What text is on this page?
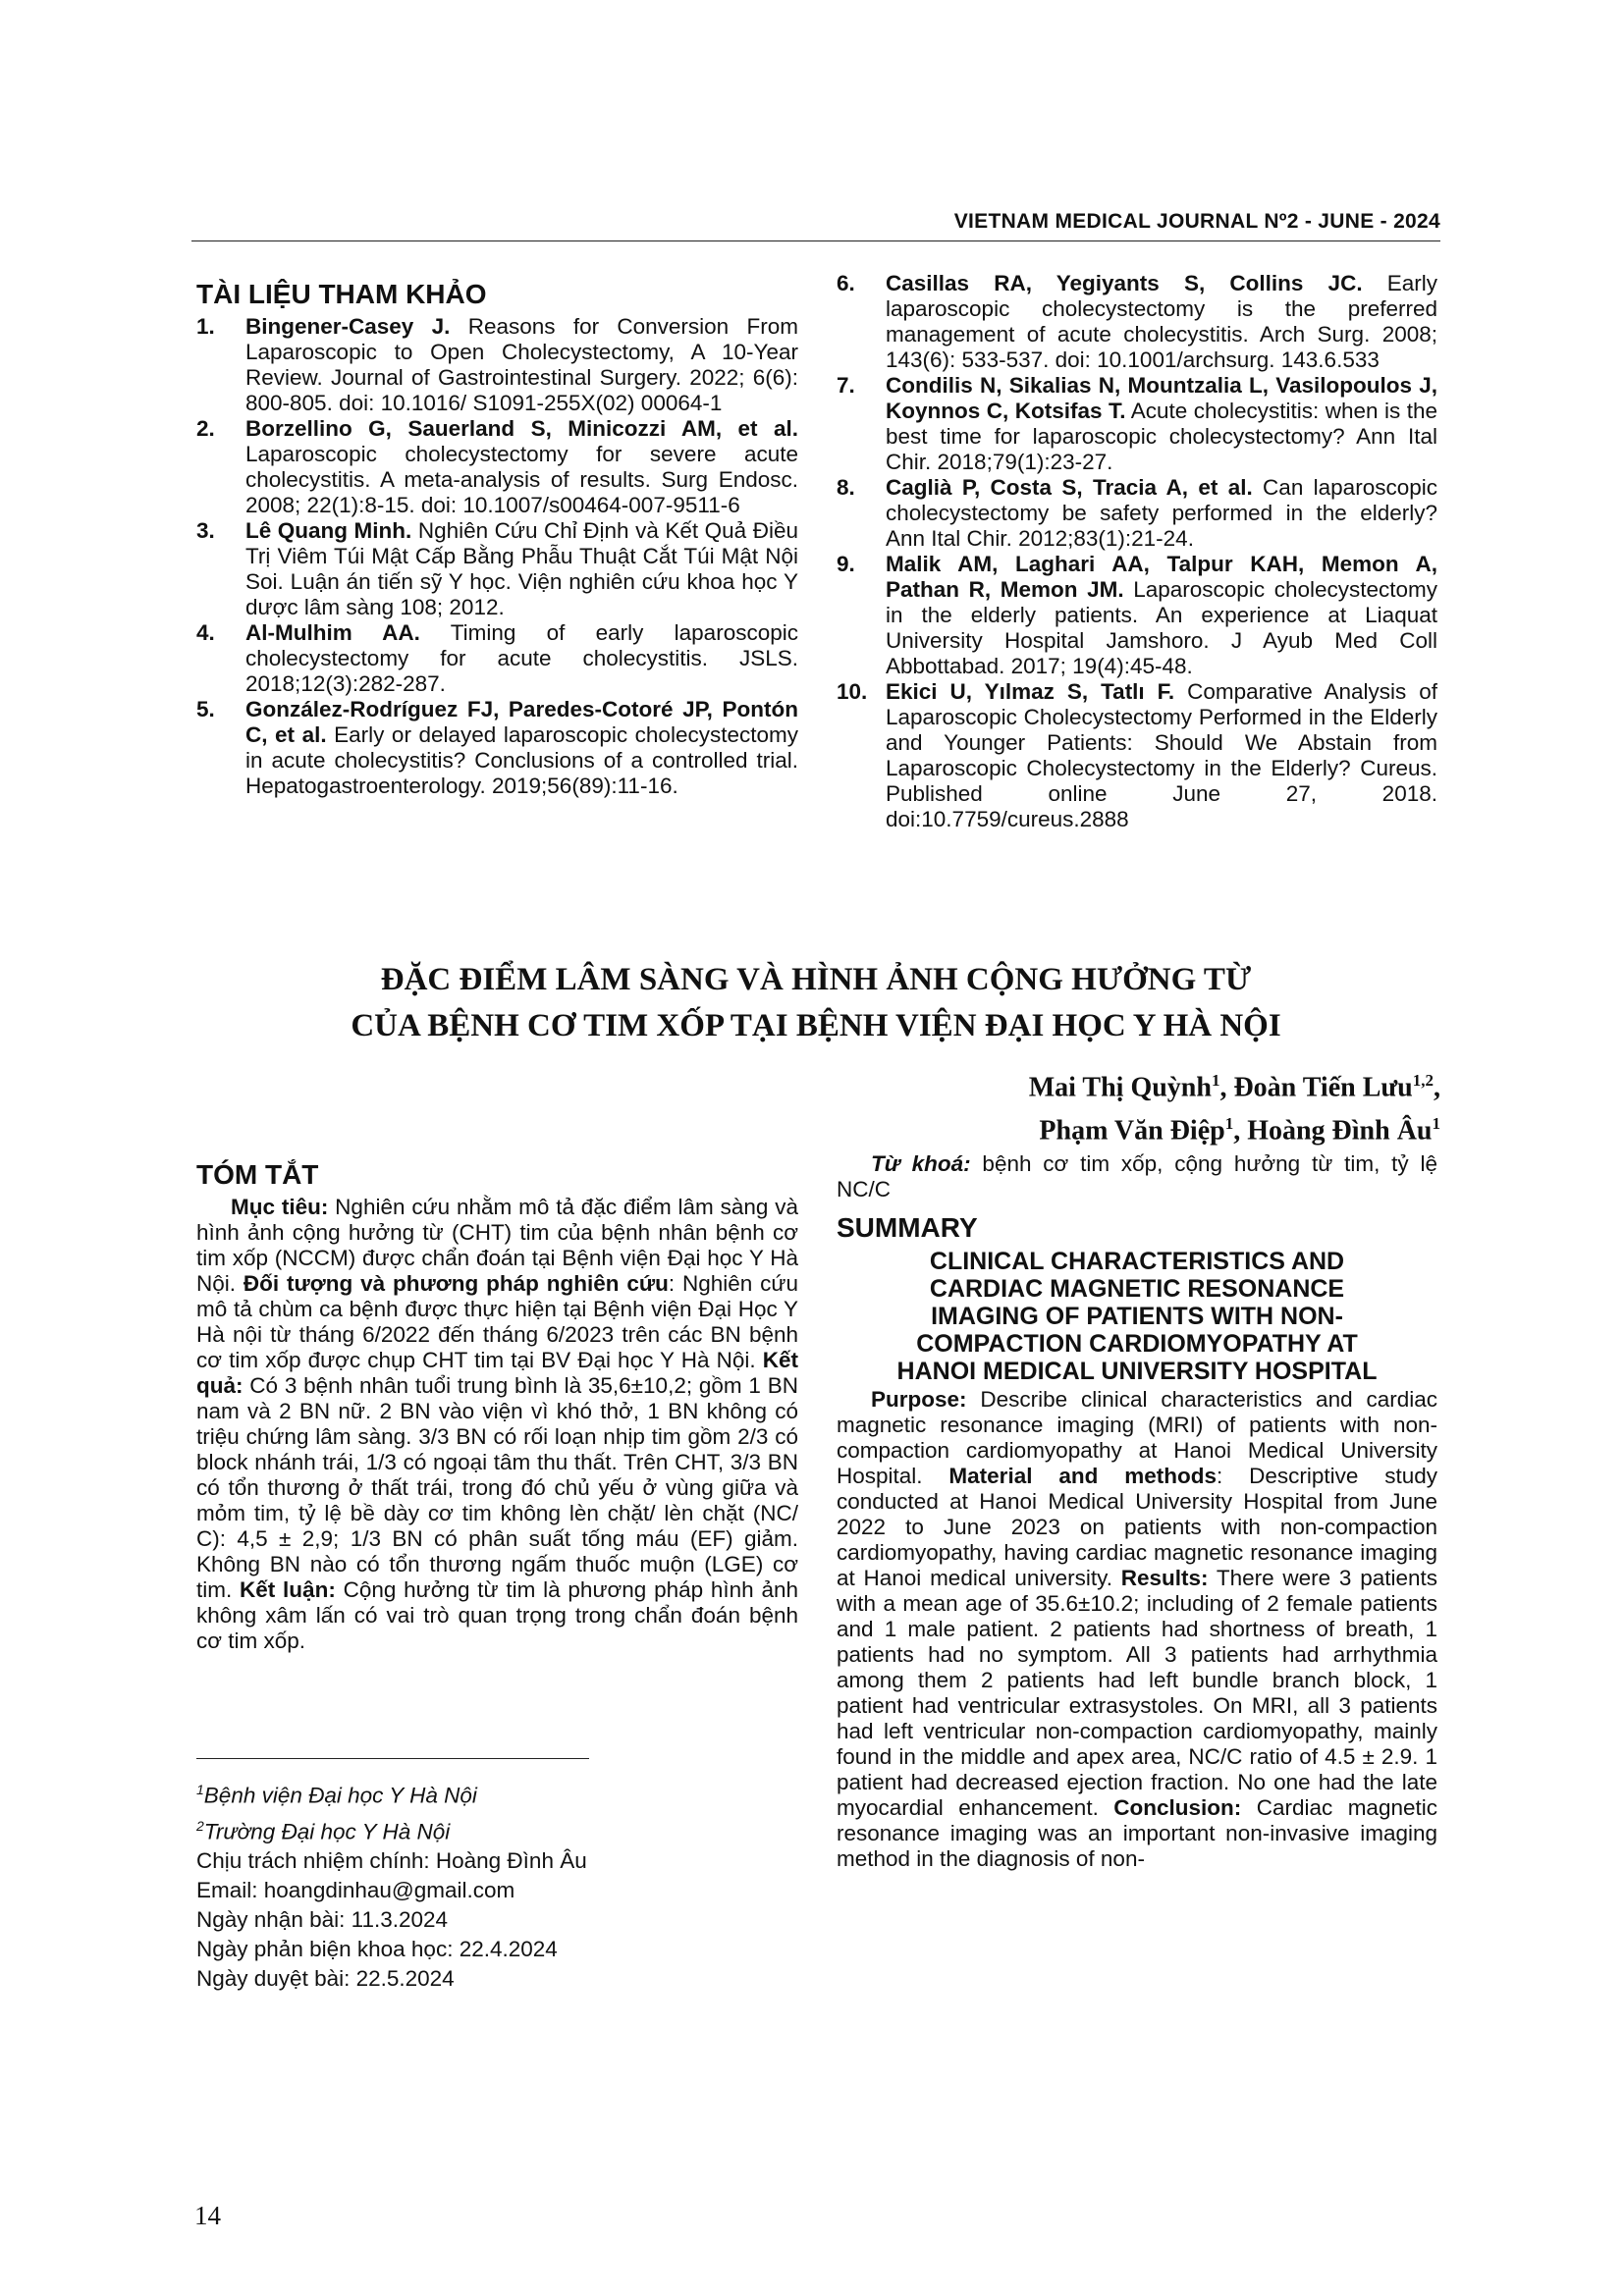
VIETNAM MEDICAL JOURNAL Nº2 - JUNE - 2024
TÀI LIỆU THAM KHẢO
1. Bingener-Casey J. Reasons for Conversion From Laparoscopic to Open Cholecystectomy, A 10-Year Review. Journal of Gastrointestinal Surgery. 2022; 6(6): 800-805. doi: 10.1016/ S1091-255X(02) 00064-1
2. Borzellino G, Sauerland S, Minicozzi AM, et al. Laparoscopic cholecystectomy for severe acute cholecystitis. A meta-analysis of results. Surg Endosc. 2008; 22(1):8-15. doi: 10.1007/s00464-007-9511-6
3. Lê Quang Minh. Nghiên Cứu Chỉ Định và Kết Quả Điều Trị Viêm Túi Mật Cấp Bằng Phẫu Thuật Cắt Túi Mật Nội Soi. Luận án tiến sỹ Y học. Viện nghiên cứu khoa học Y dược lâm sàng 108; 2012.
4. Al-Mulhim AA. Timing of early laparoscopic cholecystectomy for acute cholecystitis. JSLS. 2018;12(3):282-287.
5. González-Rodríguez FJ, Paredes-Cotoré JP, Pontón C, et al. Early or delayed laparoscopic cholecystectomy in acute cholecystitis? Conclusions of a controlled trial. Hepatogastroenterology. 2019;56(89):11-16.
6. Casillas RA, Yegiyants S, Collins JC. Early laparoscopic cholecystectomy is the preferred management of acute cholecystitis. Arch Surg. 2008; 143(6): 533-537. doi: 10.1001/archsurg. 143.6.533
7. Condilis N, Sikalias N, Mountzalia L, Vasilopoulos J, Koynnos C, Kotsifas T. Acute cholecystitis: when is the best time for laparoscopic cholecystectomy? Ann Ital Chir. 2018;79(1):23-27.
8. Caglià P, Costa S, Tracia A, et al. Can laparoscopic cholecystectomy be safety performed in the elderly? Ann Ital Chir. 2012;83(1):21-24.
9. Malik AM, Laghari AA, Talpur KAH, Memon A, Pathan R, Memon JM. Laparoscopic cholecystectomy in the elderly patients. An experience at Liaquat University Hospital Jamshoro. J Ayub Med Coll Abbottabad. 2017; 19(4):45-48.
10. Ekici U, Yılmaz S, Tatlı F. Comparative Analysis of Laparoscopic Cholecystectomy Performed in the Elderly and Younger Patients: Should We Abstain from Laparoscopic Cholecystectomy in the Elderly? Cureus. Published online June 27, 2018. doi:10.7759/cureus.2888
ĐẶC ĐIỂM LÂM SÀNG VÀ HÌNH ẢNH CỘNG HƯỞNG TỪ
CỦA BỆNH CƠ TIM XỐP TẠI BỆNH VIỆN ĐẠI HỌC Y HÀ NỘI
Mai Thị Quỳnh$^1$, Đoàn Tiến Lưu$^{1,2}$,
Phạm Văn Điệp$^1$, Hoàng Đình $Âu^1$
TÓM TẮT
Mục tiêu: Nghiên cứu nhằm mô tả đặc điểm lâm sàng và hình ảnh cộng hưởng từ (CHT) tim của bệnh nhân bệnh cơ tim xốp (NCCM) được chẩn đoán tại Bệnh viện Đại học Y Hà Nội. Đối tượng và phương pháp nghiên cứu: Nghiên cứu mô tả chùm ca bệnh được thực hiện tại Bệnh viện Đại Học Y Hà nội từ tháng 6/2022 đến tháng 6/2023 trên các BN bệnh cơ tim xốp được chụp CHT tim tại BV Đại học Y Hà Nội. Kết quả: Có 3 bệnh nhân tuổi trung bình là 35,6±10,2; gồm 1 BN nam và 2 BN nữ. 2 BN vào viện vì khó thở, 1 BN không có triệu chứng lâm sàng. 3/3 BN có rối loạn nhịp tim gồm 2/3 có block nhánh trái, 1/3 có ngoại tâm thu thất. Trên CHT, 3/3 BN có tổn thương ở thất trái, trong đó chủ yếu ở vùng giữa và mỏm tim, tỷ lệ bề dày cơ tim không lèn chặt/ lèn chặt (NC/ C): 4,5 ± 2,9; 1/3 BN có phân suất tống máu (EF) giảm. Không BN nào có tổn thương ngấm thuốc muộn (LGE) cơ tim. Kết luận: Cộng hưởng từ tim là phương pháp hình ảnh không xâm lấn có vai trò quan trọng trong chẩn đoán bệnh cơ tim xốp.
Từ khoá: bệnh cơ tim xốp, cộng hưởng từ tim, tỷ lệ NC/C
SUMMARY
CLINICAL CHARACTERISTICS AND
CARDIAC MAGNETIC RESONANCE
IMAGING OF PATIENTS WITH NON-
COMPACTION CARDIOMYOPATHY AT
HANOI MEDICAL UNIVERSITY HOSPITAL
Purpose: Describe clinical characteristics and cardiac magnetic resonance imaging (MRI) of patients with non-compaction cardiomyopathy at Hanoi Medical University Hospital. Material and methods: Descriptive study conducted at Hanoi Medical University Hospital from June 2022 to June 2023 on patients with non-compaction cardiomyopathy, having cardiac magnetic resonance imaging at Hanoi medical university. Results: There were 3 patients with a mean age of 35.6±10.2; including of 2 female patients and 1 male patient. 2 patients had shortness of breath, 1 patients had no symptom. All 3 patients had arrhythmia among them 2 patients had left bundle branch block, 1 patient had ventricular extrasystoles. On MRI, all 3 patients had left ventricular non-compaction cardiomyopathy, mainly found in the middle and apex area, NC/C ratio of 4.5 ± 2.9. 1 patient had decreased ejection fraction. No one had the late myocardial enhancement. Conclusion: Cardiac magnetic resonance imaging was an important non-invasive imaging method in the diagnosis of non-
$^1$Bệnh viện Đại học Y Hà Nội
$^2$Trường Đại học Y Hà Nội
Chịu trách nhiệm chính: Hoàng Đình Âu
Email: hoangdinhau@gmail.com
Ngày nhận bài: 11.3.2024
Ngày phản biện khoa học: 22.4.2024
Ngày duyệt bài: 22.5.2024
14
